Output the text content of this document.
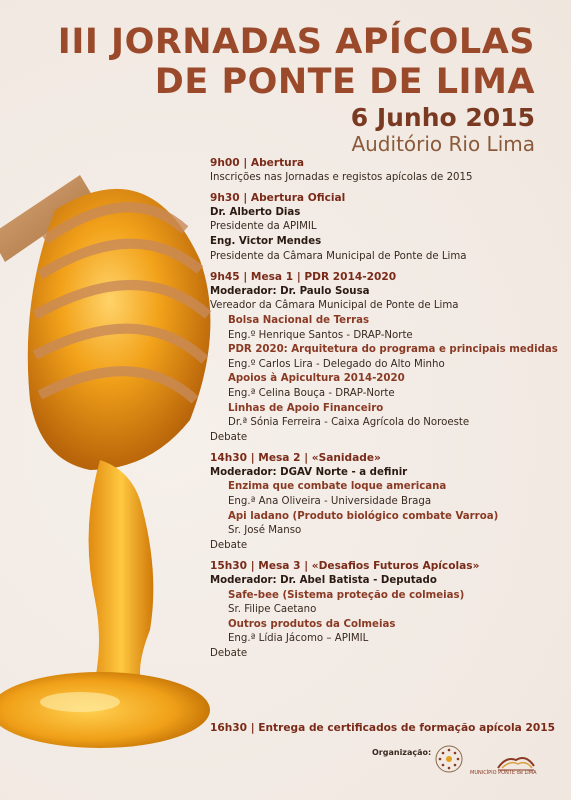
III JORNADAS APÍCOLAS
DE PONTE DE LIMA
6 Junho 2015
Auditório Rio Lima
9h00 | Abertura
Inscrições nas Jornadas e registos apícolas de 2015
9h30 | Abertura Oficial
Dr. Alberto Dias
Presidente da APIMIL
Eng. Victor Mendes
Presidente da Câmara Municipal de Ponte de Lima
9h45 | Mesa 1 | PDR 2014-2020
Moderador: Dr. Paulo Sousa
Vereador da Câmara Municipal de Ponte de Lima
Bolsa Nacional de Terras
Eng.º Henrique Santos - DRAP-Norte
PDR 2020: Arquitetura do programa e principais medidas
Eng.º Carlos Lira - Delegado do Alto Minho
Apoios à Apicultura 2014-2020
Eng.ª Celina Bouça - DRAP-Norte
Linhas de Apoio Financeiro
Dr.ª Sónia Ferreira - Caixa Agrícola do Noroeste
Debate
14h30 | Mesa 2 | «Sanidade»
Moderador: DGAV Norte - a definir
Enzima que combate loque americana
Eng.ª Ana Oliveira - Universidade Braga
Api ladano (Produto biológico combate Varroa)
Sr. José Manso
Debate
15h30 | Mesa 3 | «Desafios Futuros Apícolas»
Moderador: Dr. Abel Batista - Deputado
Safe-bee (Sistema proteção de colmeias)
Sr. Filipe Caetano
Outros produtos da Colmeias
Eng.ª Lídia Jácomo – APIMIL
Debate
16h30 | Entrega de certificados de formação apícola 2015
Organização:
MUNICÍPIO PONTE de LIMA
